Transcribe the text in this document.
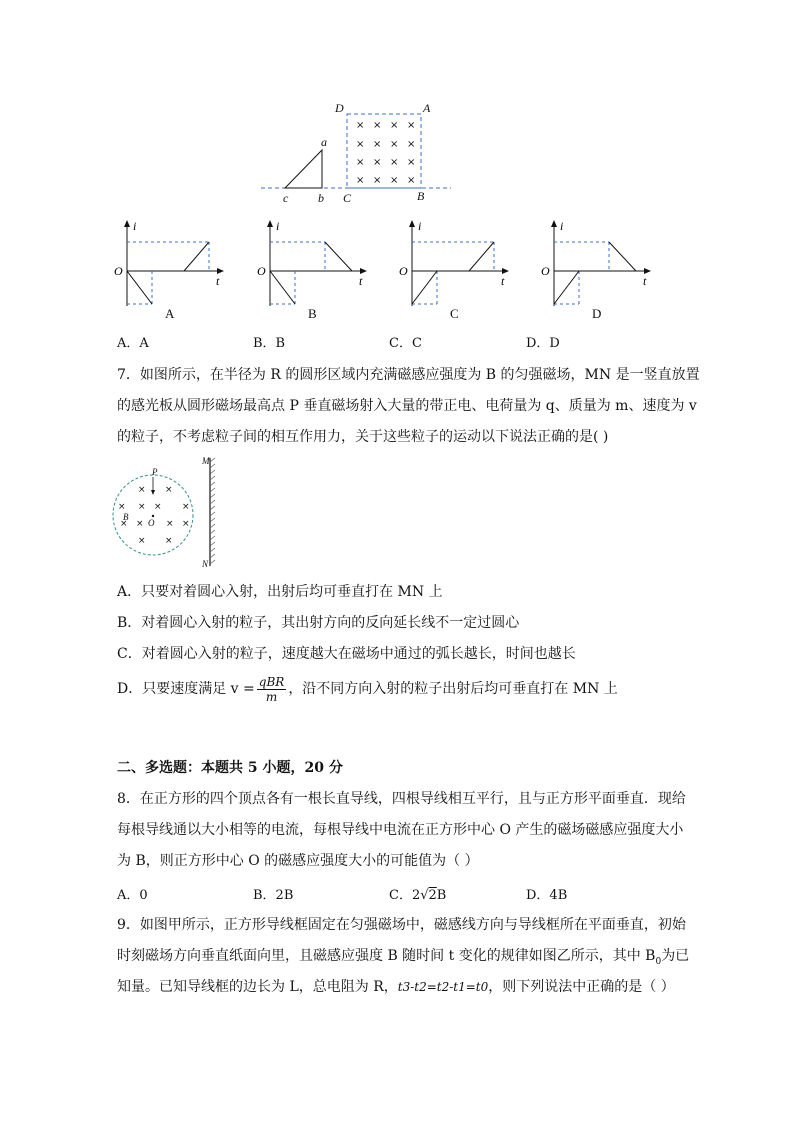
× × × ×
× × × ×
× × × ×
× × × ×
D	A
C	B
a
b
c
i
O
t
A
i
O
t
B
i
O
t
C
i
O
t
D
A．A	B．B	C．C	D．D
7．如图所示，在半径为 R 的圆形区域内充满磁感应强度为 B 的匀强磁场，MN 是一竖直放置
的感光板从圆形磁场最高点 P 垂直磁场射入大量的带正电、电荷量为 q、质量为 m、速度为 v
的粒子，不考虑粒子间的相互作用力，关于这些粒子的运动以下说法正确的是( )
× ×
× × × ×
× × × ×
× ×
M
N
P
O
B
A．只要对着圆心入射，出射后均可垂直打在 MN 上
B．对着圆心入射的粒子，其出射方向的反向延长线不一定过圆心
C．对着圆心入射的粒子，速度越大在磁场中通过的弧长越长，时间也越长
D．只要速度满足 $v = \frac{\text{qBR}}{m}$ ，沿不同方向入射的粒子出射后均可垂直打在 MN 上
二、多选题：本题共 5 小题，20 分
8．在正方形的四个顶点各有一根长直导线，四根导线相互平行，且与正方形平面垂直．现给
每根导线通以大小相等的电流，每根导线中电流在正方形中心 O 产生的磁场磁感应强度大小
为 B，则正方形中心 O 的磁感应强度大小的可能值为（ ）
A．0	B．2B	C．2√2B	D．4B
9．如图甲所示，正方形导线框固定在匀强磁场中，磁感线方向与导线框所在平面垂直，初始
时刻磁场方向垂直纸面向里，且磁感应强度 B 随时间 t 变化的规律如图乙所示，其中 $B_0$为已
知量。已知导线框的边长为 L，总电阻为 R，t3-t2=t2-t1=t0，则下列说法中正确的是（ ）
